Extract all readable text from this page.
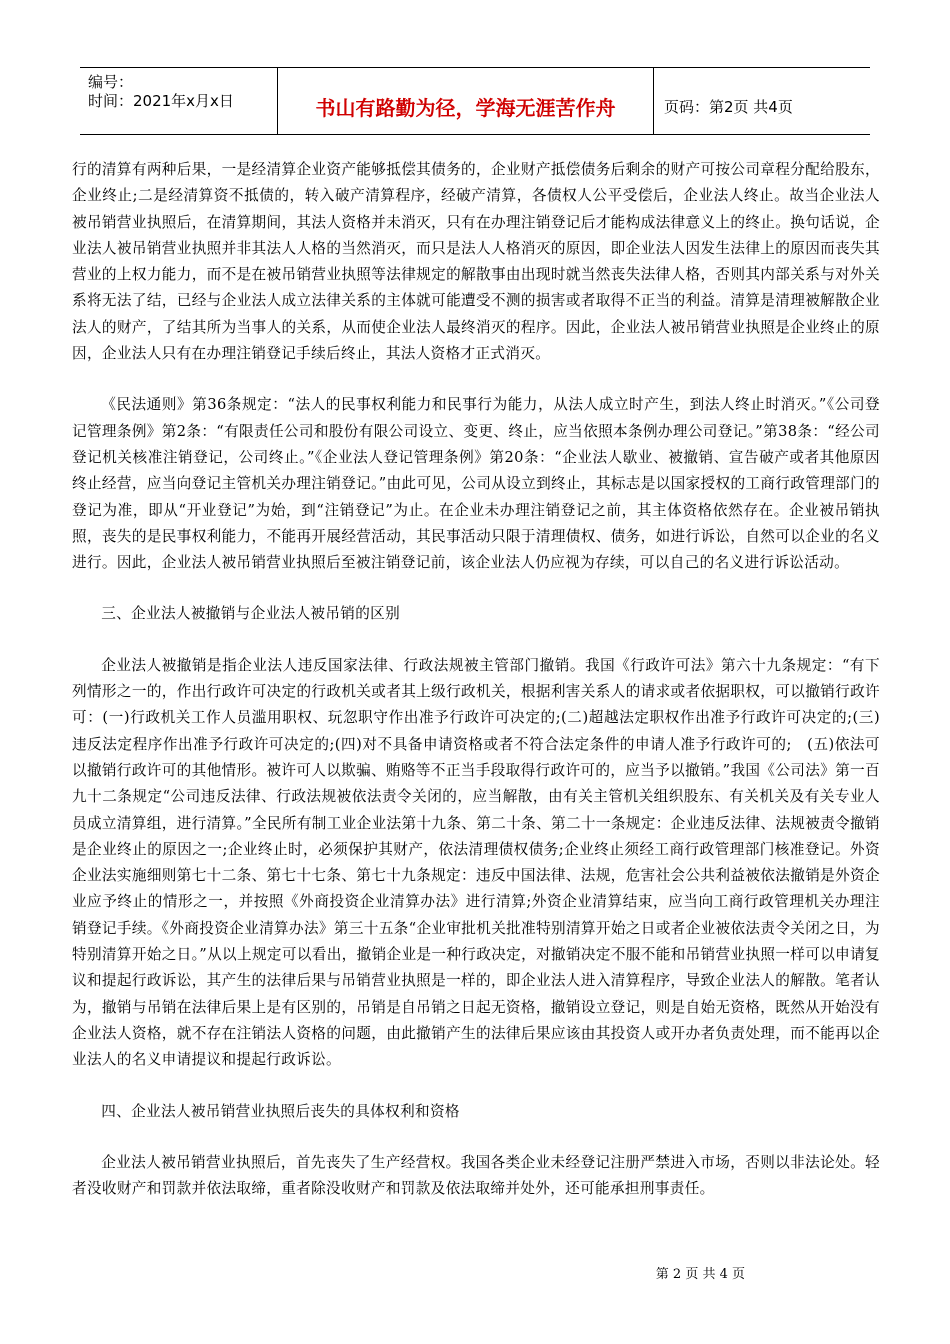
编号：
时间：2021年x月x日	书山有路勤为径，学海无涯苦作舟	页码：第2页 共4页

行的清算有两种后果，一是经清算企业资产能够抵偿其债务的，企业财产抵偿债务后剩余的财产可按公司章程分配给股东，企业终止;二是经清算资不抵债的，转入破产清算程序，经破产清算，各债权人公平受偿后，企业法人终止。故当企业法人被吊销营业执照后，在清算期间，其法人资格并未消灭，只有在办理注销登记后才能构成法律意义上的终止。换句话说，企业法人被吊销营业执照并非其法人人格的当然消灭，而只是法人人格消灭的原因，即企业法人因发生法律上的原因而丧失其营业的上权力能力，而不是在被吊销营业执照等法律规定的解散事由出现时就当然丧失法律人格，否则其内部关系与对外关系将无法了结，已经与企业法人成立法律关系的主体就可能遭受不测的损害或者取得不正当的利益。清算是清理被解散企业法人的财产，了结其所为当事人的关系，从而使企业法人最终消灭的程序。因此，企业法人被吊销营业执照是企业终止的原因，企业法人只有在办理注销登记手续后终止，其法人资格才正式消灭。

《民法通则》第36条规定：“法人的民事权利能力和民事行为能力，从法人成立时产生，到法人终止时消灭。”《公司登记管理条例》第2条：“有限责任公司和股份有限公司设立、变更、终止，应当依照本条例办理公司登记。”第38条：“经公司登记机关核准注销登记，公司终止。”《企业法人登记管理条例》第20条：“企业法人歇业、被撤销、宣告破产或者其他原因终止经营，应当向登记主管机关办理注销登记。”由此可见，公司从设立到终止，其标志是以国家授权的工商行政管理部门的登记为准，即从“开业登记”为始，到“注销登记”为止。在企业未办理注销登记之前，其主体资格依然存在。企业被吊销执照，丧失的是民事权利能力，不能再开展经营活动，其民事活动只限于清理债权、债务，如进行诉讼，自然可以企业的名义进行。因此，企业法人被吊销营业执照后至被注销登记前，该企业法人仍应视为存续，可以自己的名义进行诉讼活动。

三、企业法人被撤销与企业法人被吊销的区别

企业法人被撤销是指企业法人违反国家法律、行政法规被主管部门撤销。我国《行政许可法》第六十九条规定：“有下列情形之一的，作出行政许可决定的行政机关或者其上级行政机关，根据利害关系人的请求或者依据职权，可以撤销行政许可：(一)行政机关工作人员滥用职权、玩忽职守作出准予行政许可决定的;(二)超越法定职权作出准予行政许可决定的;(三)违反法定程序作出准予行政许可决定的;(四)对不具备申请资格或者不符合法定条件的申请人准予行政许可的;　(五)依法可以撤销行政许可的其他情形。被许可人以欺骗、贿赂等不正当手段取得行政许可的，应当予以撤销。”我国《公司法》第一百九十二条规定“公司违反法律、行政法规被依法责令关闭的，应当解散，由有关主管机关组织股东、有关机关及有关专业人员成立清算组，进行清算。”全民所有制工业企业法第十九条、第二十条、第二十一条规定：企业违反法律、法规被责令撤销是企业终止的原因之一;企业终止时，必须保护其财产，依法清理债权债务;企业终止须经工商行政管理部门核准登记。外资企业法实施细则第七十二条、第七十七条、第七十九条规定：违反中国法律、法规，危害社会公共利益被依法撤销是外资企业应予终止的情形之一，并按照《外商投资企业清算办法》进行清算;外资企业清算结束，应当向工商行政管理机关办理注销登记手续。《外商投资企业清算办法》第三十五条“企业审批机关批准特别清算开始之日或者企业被依法责令关闭之日，为特别清算开始之日。”从以上规定可以看出，撤销企业是一种行政决定，对撤销决定不服不能和吊销营业执照一样可以申请复议和提起行政诉讼，其产生的法律后果与吊销营业执照是一样的，即企业法人进入清算程序，导致企业法人的解散。笔者认为，撤销与吊销在法律后果上是有区别的，吊销是自吊销之日起无资格，撤销设立登记，则是自始无资格，既然从开始没有企业法人资格，就不存在注销法人资格的问题，由此撤销产生的法律后果应该由其投资人或开办者负责处理，而不能再以企业法人的名义申请提议和提起行政诉讼。

四、企业法人被吊销营业执照后丧失的具体权利和资格

企业法人被吊销营业执照后，首先丧失了生产经营权。我国各类企业未经登记注册严禁进入市场，否则以非法论处。轻者没收财产和罚款并依法取缔，重者除没收财产和罚款及依法取缔并处外，还可能承担刑事责任。

第 2 页 共 4 页
